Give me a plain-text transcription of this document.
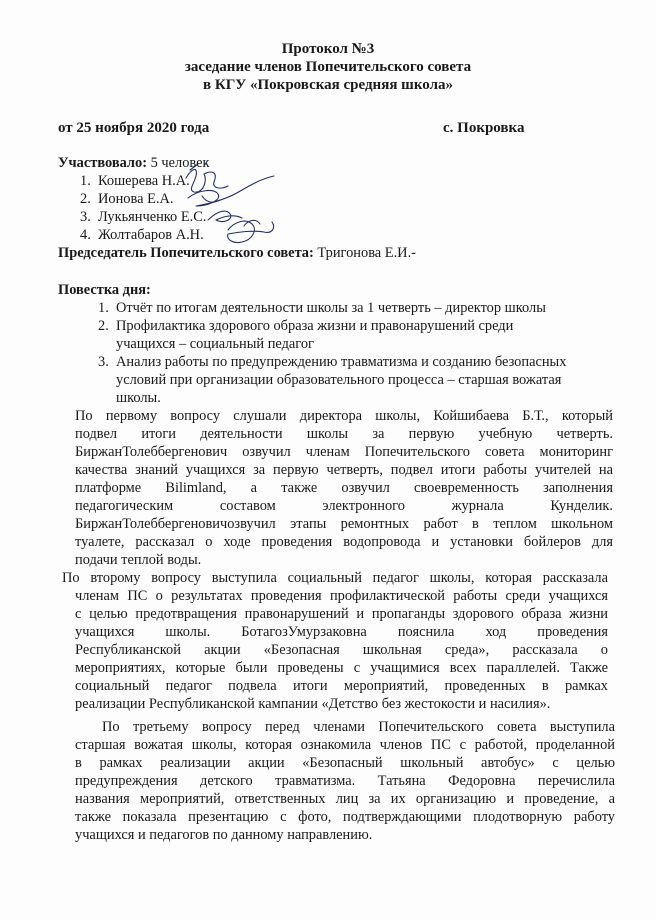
Протокол №3
заседание членов Попечительского совета
в КГУ «Покровская средняя школа»
от 25 ноября 2020 года	с. Покровка
Участвовало: 5 человек
1. Кошерева Н.А.
2. Ионова Е.А.
3. Лукьянченко Е.С.
4. Жолтабаров А.Н.
Председатель Попечительского совета: Тригонова Е.И.-
Повестка дня:
1. Отчёт по итогам деятельности школы за 1 четверть – директор школы
2. Профилактика здорового образа жизни и правонарушений среди
учащихся – социальный педагог
3. Анализ работы по предупреждению травматизма и созданию безопасных
условий при организации образовательного процесса – старшая вожатая
школы.
По первому вопросу слушали директора школы, Койшибаева Б.Т., который
подвел итоги деятельности школы за первую учебную четверть.
БиржанТолеббергенович озвучил членам Попечительского совета мониторинг
качества знаний учащихся за первую четверть, подвел итоги работы учителей на
платформе Bilimland, а также озвучил своевременность заполнения
педагогическим составом электронного журнала Кунделик.
БиржанТолеббергеновичозвучил этапы ремонтных работ в теплом школьном
туалете, рассказал о ходе проведения водопровода и установки бойлеров для
подачи теплой воды.
По второму вопросу выступила социальный педагог школы, которая рассказала
членам ПС о результатах проведения профилактической работы среди учащихся
с целью предотвращения правонарушений и пропаганды здорового образа жизни
учащихся школы. БотагозУмурзаковна пояснила ход проведения
Республиканской акции «Безопасная школьная среда», рассказала о
мероприятиях, которые были проведены с учащимися всех параллелей. Также
социальный педагог подвела итоги мероприятий, проведенных в рамках
реализации Республиканской кампании «Детство без жестокости и насилия».
По третьему вопросу перед членами Попечительского совета выступила
старшая вожатая школы, которая ознакомила членов ПС с работой, проделанной
в рамках реализации акции «Безопасный школьный автобус» с целью
предупреждения детского травматизма. Татьяна Федоровна перечислила
названия мероприятий, ответственных лиц за их организацию и проведение, а
также показала презентацию с фото, подтверждающими плодотворную работу
учащихся и педагогов по данному направлению.
